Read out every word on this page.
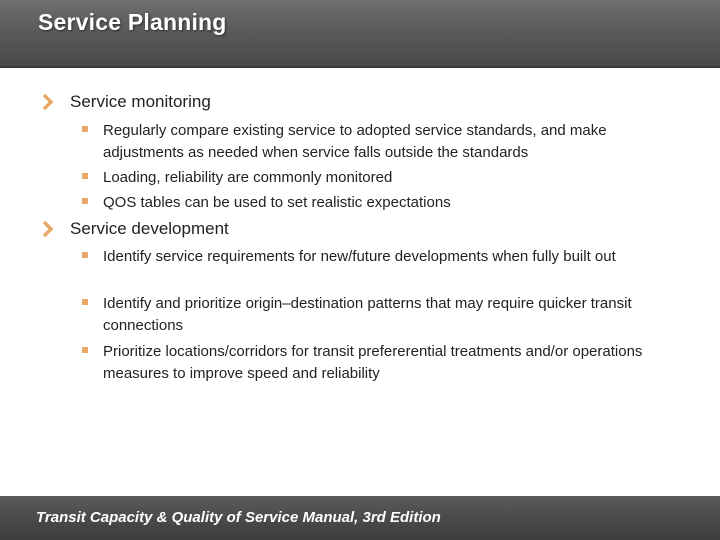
Service Planning
Service monitoring
Regularly compare existing service to adopted service standards, and make adjustments as needed when service falls outside the standards
Loading, reliability are commonly monitored
QOS tables can be used to set realistic expectations
Service development
Identify service requirements for new/future developments when fully built out
Identify and prioritize origin–destination patterns that may require quicker transit connections
Prioritize locations/corridors for transit prefererential treatments and/or operations measures to improve speed and reliability
Transit Capacity & Quality of Service Manual, 3rd Edition
